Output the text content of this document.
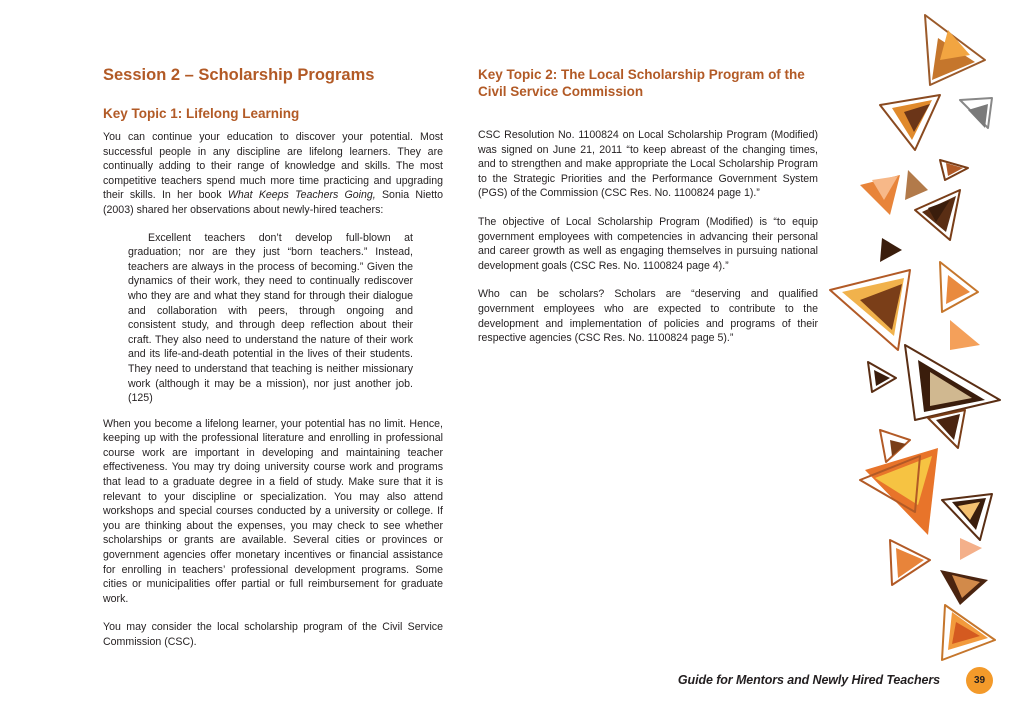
Session 2 – Scholarship Programs
Key Topic 1: Lifelong Learning

You can continue your education to discover your potential. Most successful people in any discipline are lifelong learners. They are continually adding to their range of knowledge and skills. The most competitive teachers spend much more time practicing and upgrading their skills. In her book What Keeps Teachers Going, Sonia Nietto (2003) shared her observations about newly-hired teachers:

Excellent teachers don’t develop full-blown at graduation; nor are they just “born teachers.” Instead, teachers are always in the process of becoming.” Given the dynamics of their work, they need to continually rediscover who they are and what they stand for through their dialogue and collaboration with peers, through ongoing and consistent study, and through deep reflection about their craft. They also need to understand the nature of their work and its life-and-death potential in the lives of their students. They need to understand that teaching is neither missionary work (although it may be a mission), nor just another job. (125)

When you become a lifelong learner, your potential has no limit. Hence, keeping up with the professional literature and enrolling in professional course work are important in developing and maintaining teacher effectiveness. You may try doing university course work and programs that lead to a graduate degree in a field of study. Make sure that it is relevant to your discipline or specialization. You may also attend workshops and special courses conducted by a university or college. If you are thinking about the expenses, you may check to see whether scholarships or grants are available. Several cities or provinces or government agencies offer monetary incentives or financial assistance for enrolling in teachers’ professional development programs. Some cities or municipalities offer partial or full reimbursement for graduate work.

You may consider the local scholarship program of the Civil Service Commission (CSC).

Key Topic 2: The Local Scholarship Program of the Civil Service Commission

CSC Resolution No. 1100824 on Local Scholarship Program (Modified) was signed on June 21, 2011 “to keep abreast of the changing times, and to strengthen and make appropriate the Local Scholarship Program to the Strategic Priorities and the Performance Government System (PGS) of the Commission (CSC Res. No. 1100824 page 1).”

The objective of Local Scholarship Program (Modified) is “to equip government employees with competencies in advancing their personal and career growth as well as engaging themselves in pursuing national development goals (CSC Res. No. 1100824 page 4).”

Who can be scholars? Scholars are “deserving and qualified government employees who are expected to contribute to the development and implementation of policies and programs of their respective agencies (CSC Res. No. 1100824 page 5).”

Guide for Mentors and Newly Hired Teachers	39
